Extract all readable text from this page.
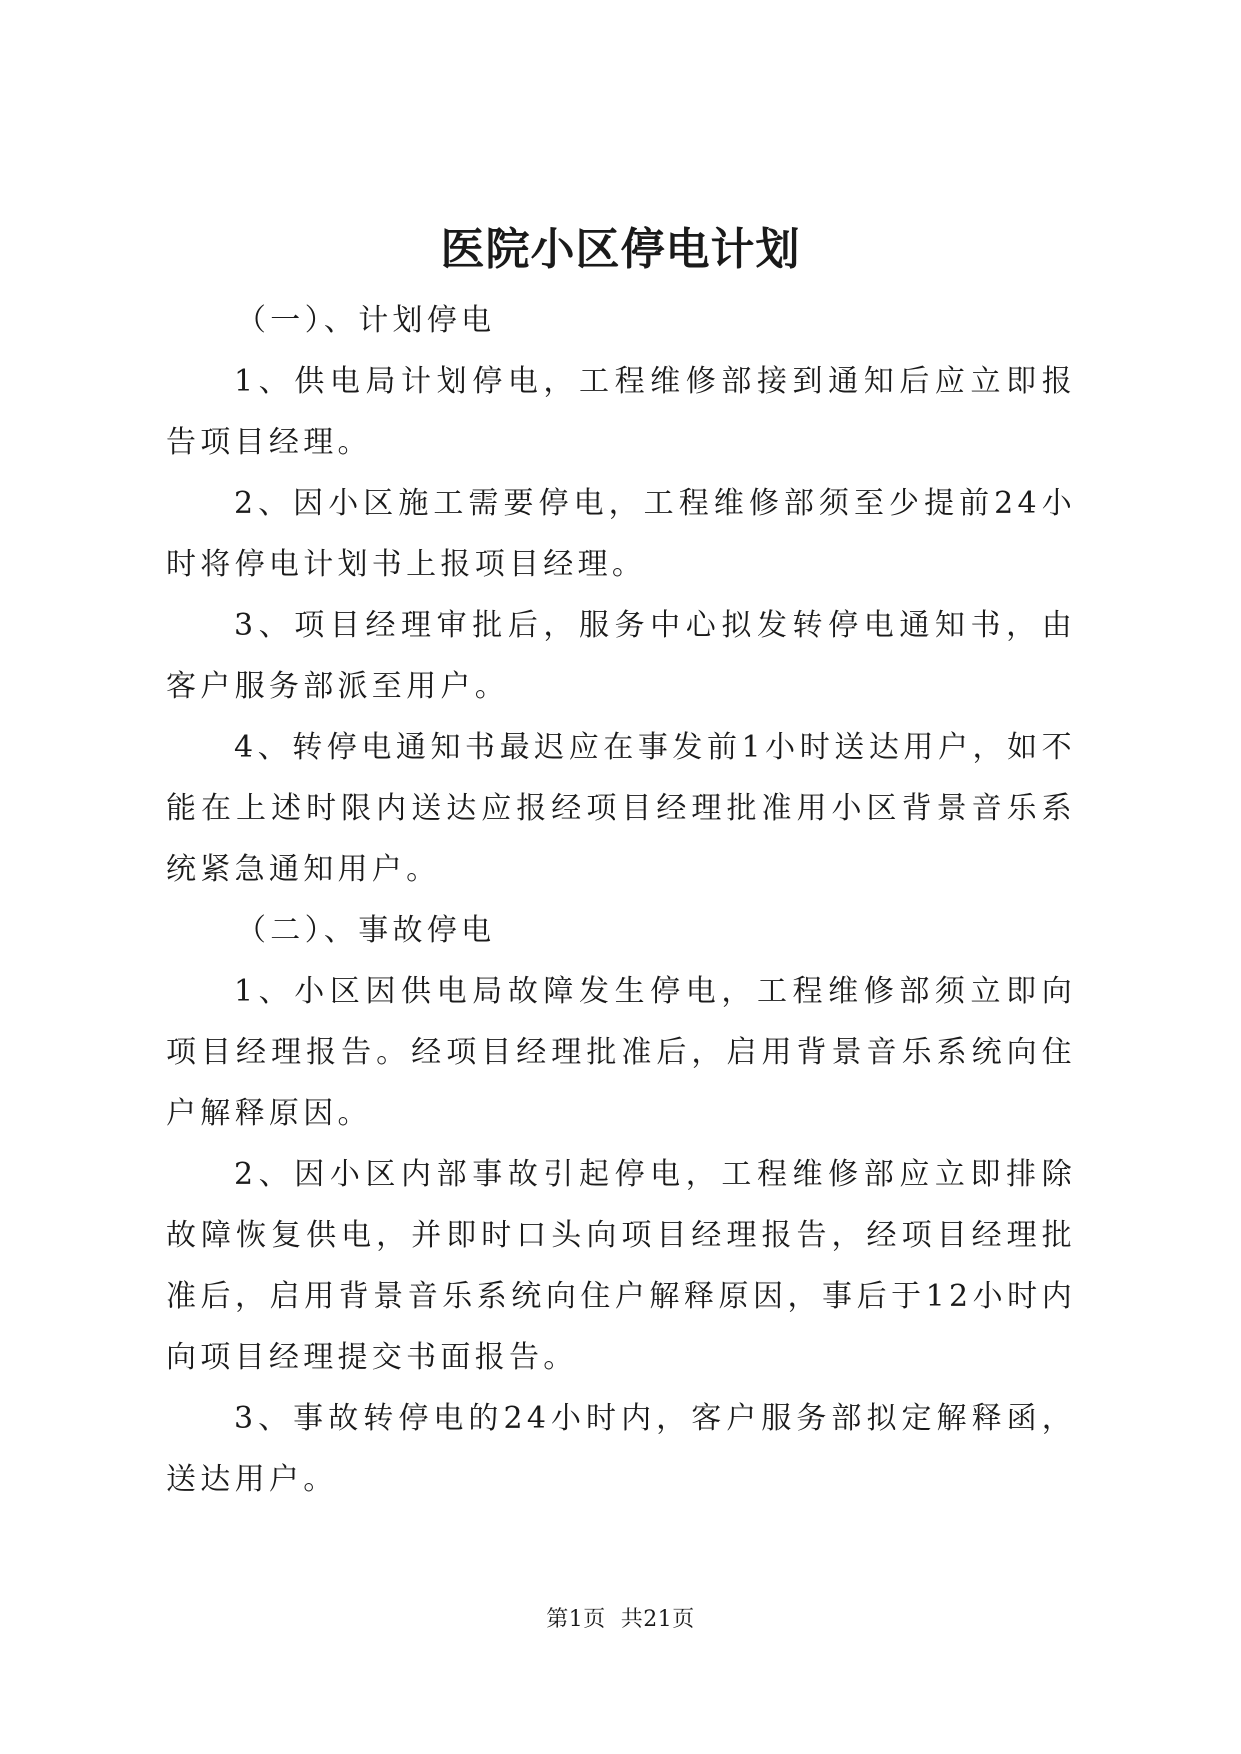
医院小区停电计划

（一）、计划停电

1、供电局计划停电，工程维修部接到通知后应立即报告项目经理。

2、因小区施工需要停电，工程维修部须至少提前24小时将停电计划书上报项目经理。

3、项目经理审批后，服务中心拟发转停电通知书，由客户服务部派至用户。

4、转停电通知书最迟应在事发前1小时送达用户，如不能在上述时限内送达应报经项目经理批准用小区背景音乐系统紧急通知用户。

（二）、事故停电

1、小区因供电局故障发生停电，工程维修部须立即向项目经理报告。经项目经理批准后，启用背景音乐系统向住户解释原因。

2、因小区内部事故引起停电，工程维修部应立即排除故障恢复供电，并即时口头向项目经理报告，经项目经理批准后，启用背景音乐系统向住户解释原因，事后于12小时内向项目经理提交书面报告。

3、事故转停电的24小时内，客户服务部拟定解释函，送达用户。

第1页  共21页
